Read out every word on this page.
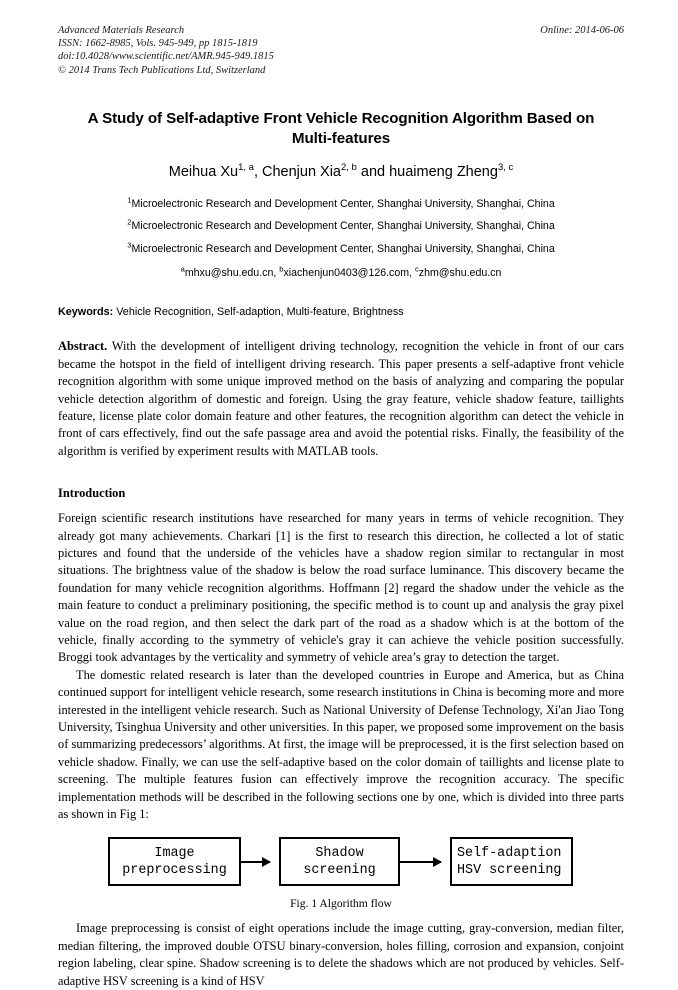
Advanced Materials Research
ISSN: 1662-8985, Vols. 945-949, pp 1815-1819
doi:10.4028/www.scientific.net/AMR.945-949.1815
© 2014 Trans Tech Publications Ltd, Switzerland
Online: 2014-06-06
A Study of Self-adaptive Front Vehicle Recognition Algorithm Based on
Multi-features
Meihua Xu$^{1, a}$, Chenjun Xia$^{2, b}$ and huaimeng Zheng$^{3, c}$
$^1$Microelectronic Research and Development Center, Shanghai University, Shanghai, China
$^2$Microelectronic Research and Development Center, Shanghai University, Shanghai, China
$^3$Microelectronic Research and Development Center, Shanghai University, Shanghai, China
$^a$mhxu@shu.edu.cn, $^b$xiachenjun0403@126.com, $^c$zhm@shu.edu.cn
Keywords: Vehicle Recognition, Self-adaption, Multi-feature, Brightness
Abstract. With the development of intelligent driving technology, recognition the vehicle in front of our cars became the hotspot in the field of intelligent driving research. This paper presents a self-adaptive front vehicle recognition algorithm with some unique improved method on the basis of analyzing and comparing the popular vehicle detection algorithm of domestic and foreign. Using the gray feature, vehicle shadow feature, taillights feature, license plate color domain feature and other features, the recognition algorithm can detect the vehicle in front of cars effectively, find out the safe passage area and avoid the potential risks. Finally, the feasibility of the algorithm is verified by experiment results with MATLAB tools.
Introduction
Foreign scientific research institutions have researched for many years in terms of vehicle recognition. They already got many achievements. Charkari [1] is the first to research this direction, he collected a lot of static pictures and found that the underside of the vehicles have a shadow region similar to rectangular in most situations. The brightness value of the shadow is below the road surface luminance. This discovery became the foundation for many vehicle recognition algorithms. Hoffmann [2] regard the shadow under the vehicle as the main feature to conduct a preliminary positioning, the specific method is to count up and analysis the gray pixel value on the road region, and then select the dark part of the road as a shadow which is at the bottom of the vehicle, finally according to the symmetry of vehicle's gray it can achieve the vehicle position successfully. Broggi took advantages by the verticality and symmetry of vehicle area’s gray to detection the target.
The domestic related research is later than the developed countries in Europe and America, but as China continued support for intelligent vehicle research, some research institutions in China is becoming more and more interested in the intelligent vehicle research. Such as National University of Defense Technology, Xi'an Jiao Tong University, Tsinghua University and other universities. In this paper, we proposed some improvement on the basis of summarizing predecessors’ algorithms. At first, the image will be preprocessed, it is the first selection based on vehicle shadow. Finally, we can use the self-adaptive based on the color domain of taillights and license plate to screening. The multiple features fusion can effectively improve the recognition accuracy. The specific implementation methods will be described in the following sections one by one, which is divided into three parts as shown in Fig 1:
Image
preprocessing
Shadow
screening
Self-adaption
HSV screening
Fig. 1 Algorithm flow
Image preprocessing is consist of eight operations include the image cutting, gray-conversion, median filter, median filtering, the improved double OTSU binary-conversion, holes filling, corrosion and expansion, conjoint region labeling, clear spine. Shadow screening is to delete the shadows which are not produced by vehicles. Self-adaptive HSV screening is a kind of HSV
